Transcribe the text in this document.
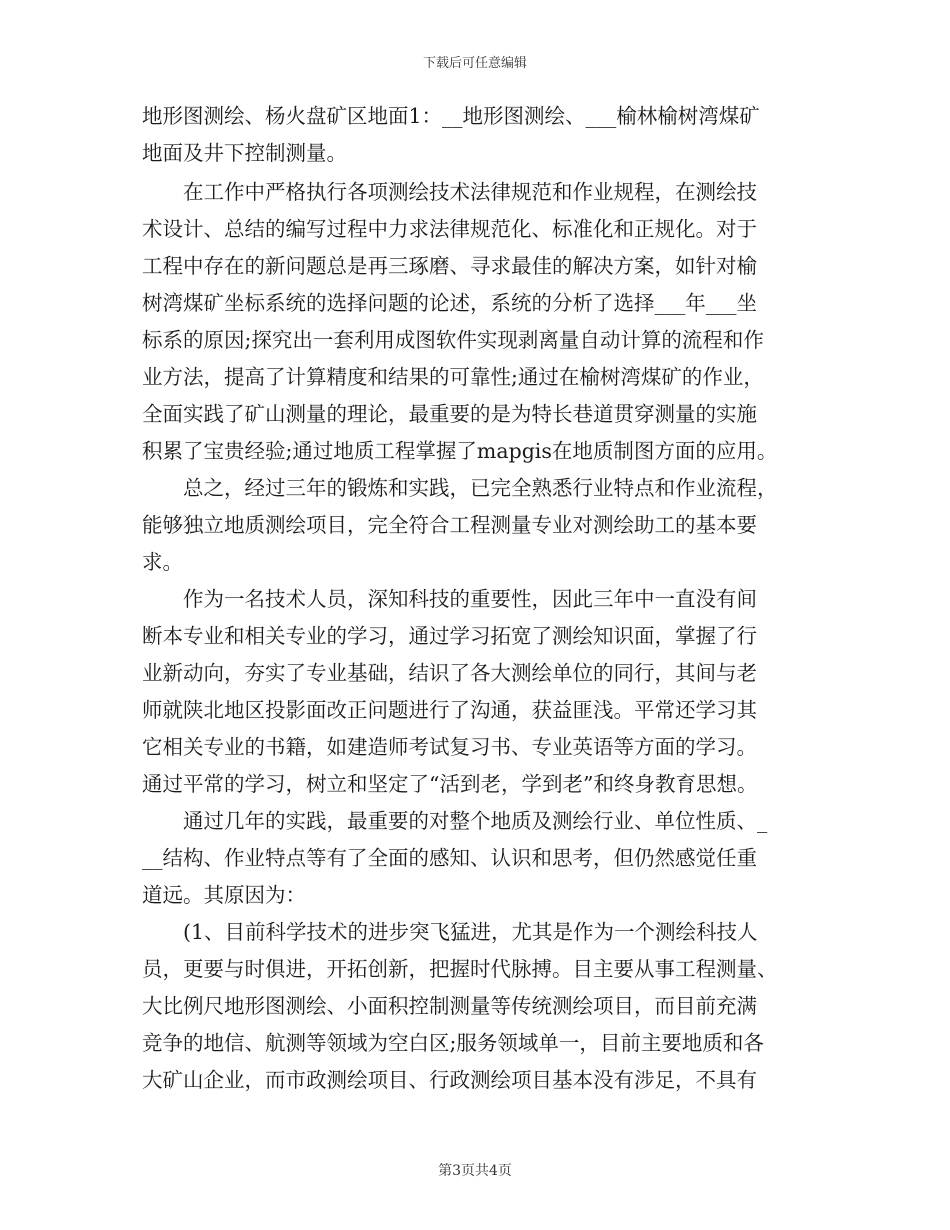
下载后可任意编辑
地形图测绘、杨火盘矿区地面1：__地形图测绘、___榆林榆树湾煤矿
地面及井下控制测量。
在工作中严格执行各项测绘技术法律规范和作业规程，在测绘技
术设计、总结的编写过程中力求法律规范化、标准化和正规化。对于
工程中存在的新问题总是再三琢磨、寻求最佳的解决方案，如针对榆
树湾煤矿坐标系统的选择问题的论述，系统的分析了选择___年___坐
标系的原因;探究出一套利用成图软件实现剥离量自动计算的流程和作
业方法，提高了计算精度和结果的可靠性;通过在榆树湾煤矿的作业，
全面实践了矿山测量的理论，最重要的是为特长巷道贯穿测量的实施
积累了宝贵经验;通过地质工程掌握了mapgis在地质制图方面的应用。
总之，经过三年的锻炼和实践，已完全熟悉行业特点和作业流程，
能够独立地质测绘项目，完全符合工程测量专业对测绘助工的基本要
求。
作为一名技术人员，深知科技的重要性，因此三年中一直没有间
断本专业和相关专业的学习，通过学习拓宽了测绘知识面，掌握了行
业新动向，夯实了专业基础，结识了各大测绘单位的同行，其间与老
师就陕北地区投影面改正问题进行了沟通，获益匪浅。平常还学习其
它相关专业的书籍，如建造师考试复习书、专业英语等方面的学习。
通过平常的学习，树立和坚定了“活到老，学到老”和终身教育思想。
通过几年的实践，最重要的对整个地质及测绘行业、单位性质、_
__结构、作业特点等有了全面的感知、认识和思考，但仍然感觉任重
道远。其原因为：
(1、目前科学技术的进步突飞猛进，尤其是作为一个测绘科技人
员，更要与时俱进，开拓创新，把握时代脉搏。目主要从事工程测量、
大比例尺地形图测绘、小面积控制测量等传统测绘项目，而目前充满
竞争的地信、航测等领域为空白区;服务领域单一，目前主要地质和各
大矿山企业，而市政测绘项目、行政测绘项目基本没有涉足，不具有
第3页共4页
